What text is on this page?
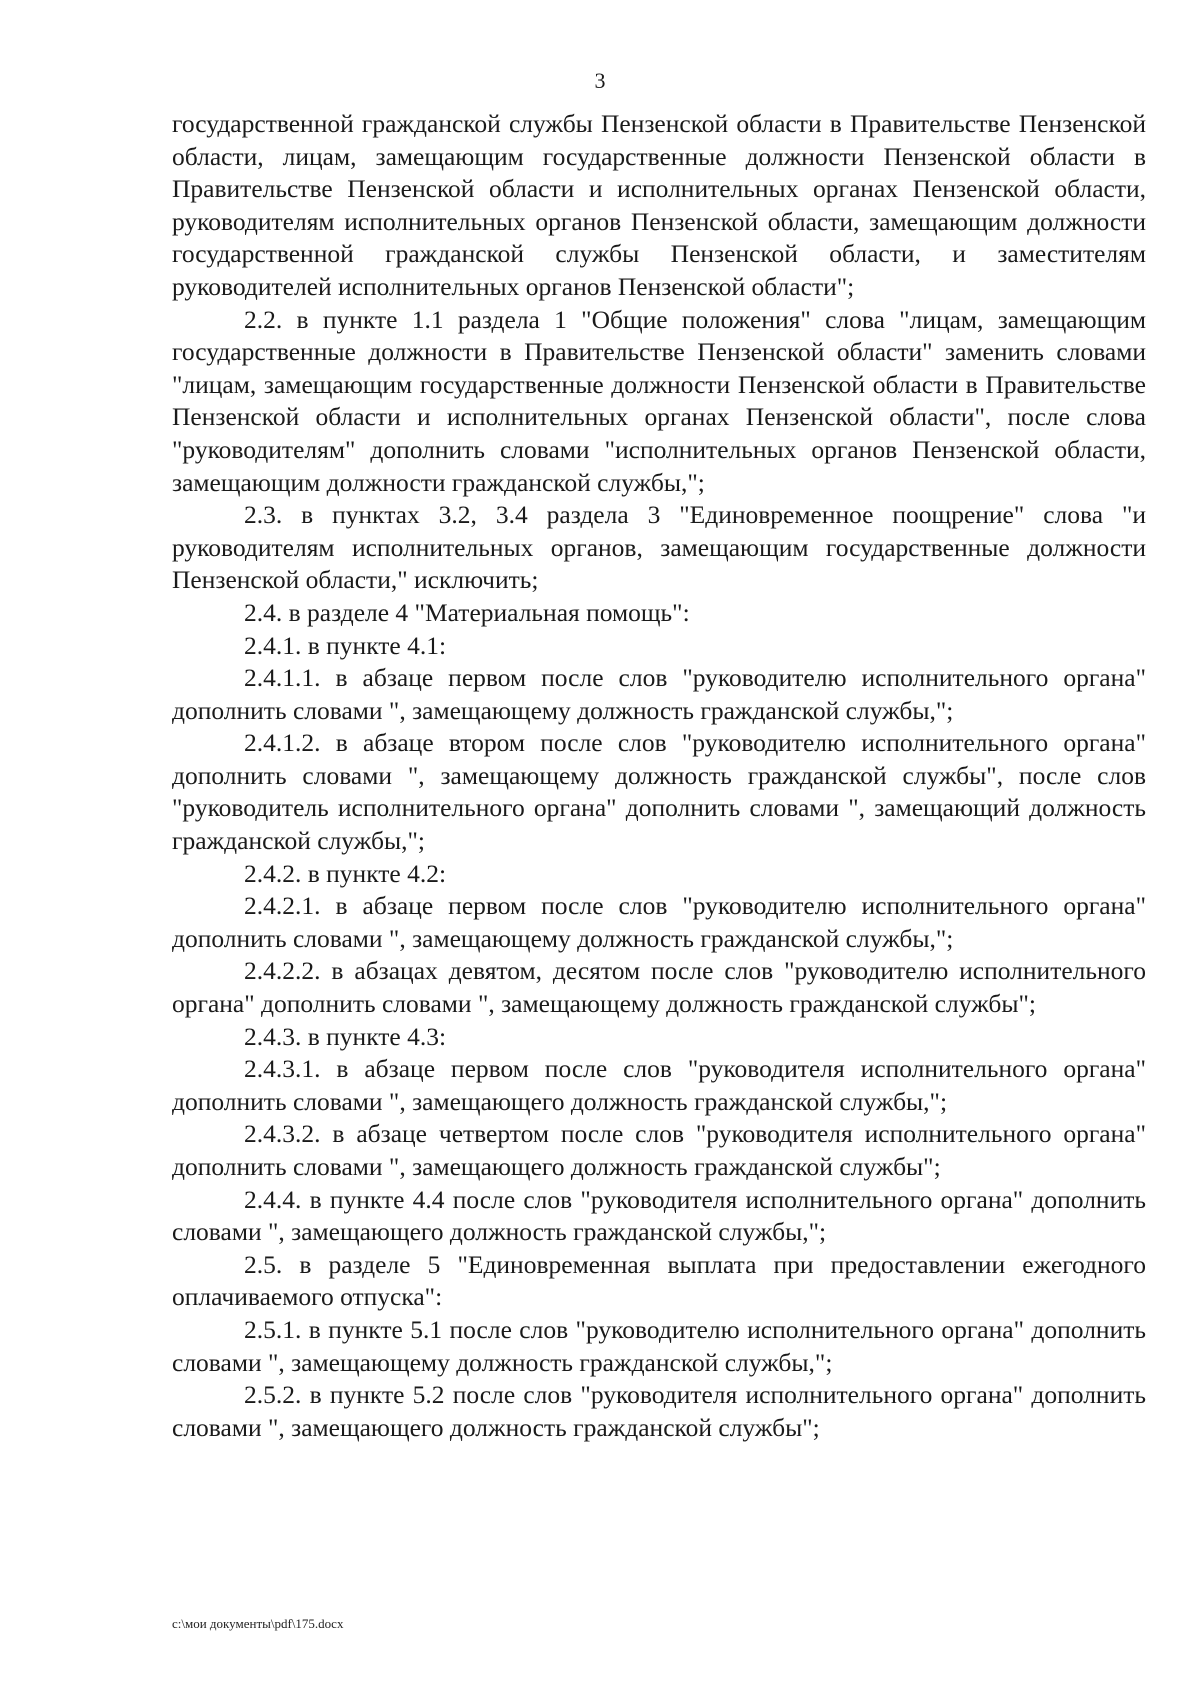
3

государственной гражданской службы Пензенской области в Правительстве Пензенской области, лицам, замещающим государственные должности Пензенской области в Правительстве Пензенской области и исполнительных органах Пензенской области, руководителям исполнительных органов Пензенской области, замещающим должности государственной гражданской службы Пензенской области, и заместителям руководителей исполнительных органов Пензенской области";

2.2. в пункте 1.1 раздела 1 "Общие положения" слова "лицам, замещающим государственные должности в Правительстве Пензенской области" заменить словами "лицам, замещающим государственные должности Пензенской области в Правительстве Пензенской области и исполнительных органах Пензенской области", после слова "руководителям" дополнить словами "исполнительных органов Пензенской области, замещающим должности гражданской службы,";

2.3. в пунктах 3.2, 3.4 раздела 3 "Единовременное поощрение" слова "и руководителям исполнительных органов, замещающим государственные должности Пензенской области," исключить;

2.4. в разделе 4 "Материальная помощь":

2.4.1. в пункте 4.1:

2.4.1.1. в абзаце первом после слов "руководителю исполнительного органа" дополнить словами ", замещающему должность гражданской службы,";

2.4.1.2. в абзаце втором после слов "руководителю исполнительного органа" дополнить словами ", замещающему должность гражданской службы", после слов "руководитель исполнительного органа" дополнить словами ", замещающий должность гражданской службы,";

2.4.2. в пункте 4.2:

2.4.2.1. в абзаце первом после слов "руководителю исполнительного органа" дополнить словами ", замещающему должность гражданской службы,";

2.4.2.2. в абзацах девятом, десятом после слов "руководителю исполнительного органа" дополнить словами ", замещающему должность гражданской службы";

2.4.3. в пункте 4.3:

2.4.3.1. в абзаце первом после слов "руководителя исполнительного органа" дополнить словами ", замещающего должность гражданской службы,";

2.4.3.2. в абзаце четвертом после слов "руководителя исполнительного органа" дополнить словами ", замещающего должность гражданской службы";

2.4.4. в пункте 4.4 после слов "руководителя исполнительного органа" дополнить словами ", замещающего должность гражданской службы,";

2.5. в разделе 5 "Единовременная выплата при предоставлении ежегодного оплачиваемого отпуска":

2.5.1. в пункте 5.1 после слов "руководителю исполнительного органа" дополнить словами ", замещающему должность гражданской службы,";

2.5.2. в пункте 5.2 после слов "руководителя исполнительного органа" дополнить словами ", замещающего должность гражданской службы";

c:\мои документы\pdf\175.docx
